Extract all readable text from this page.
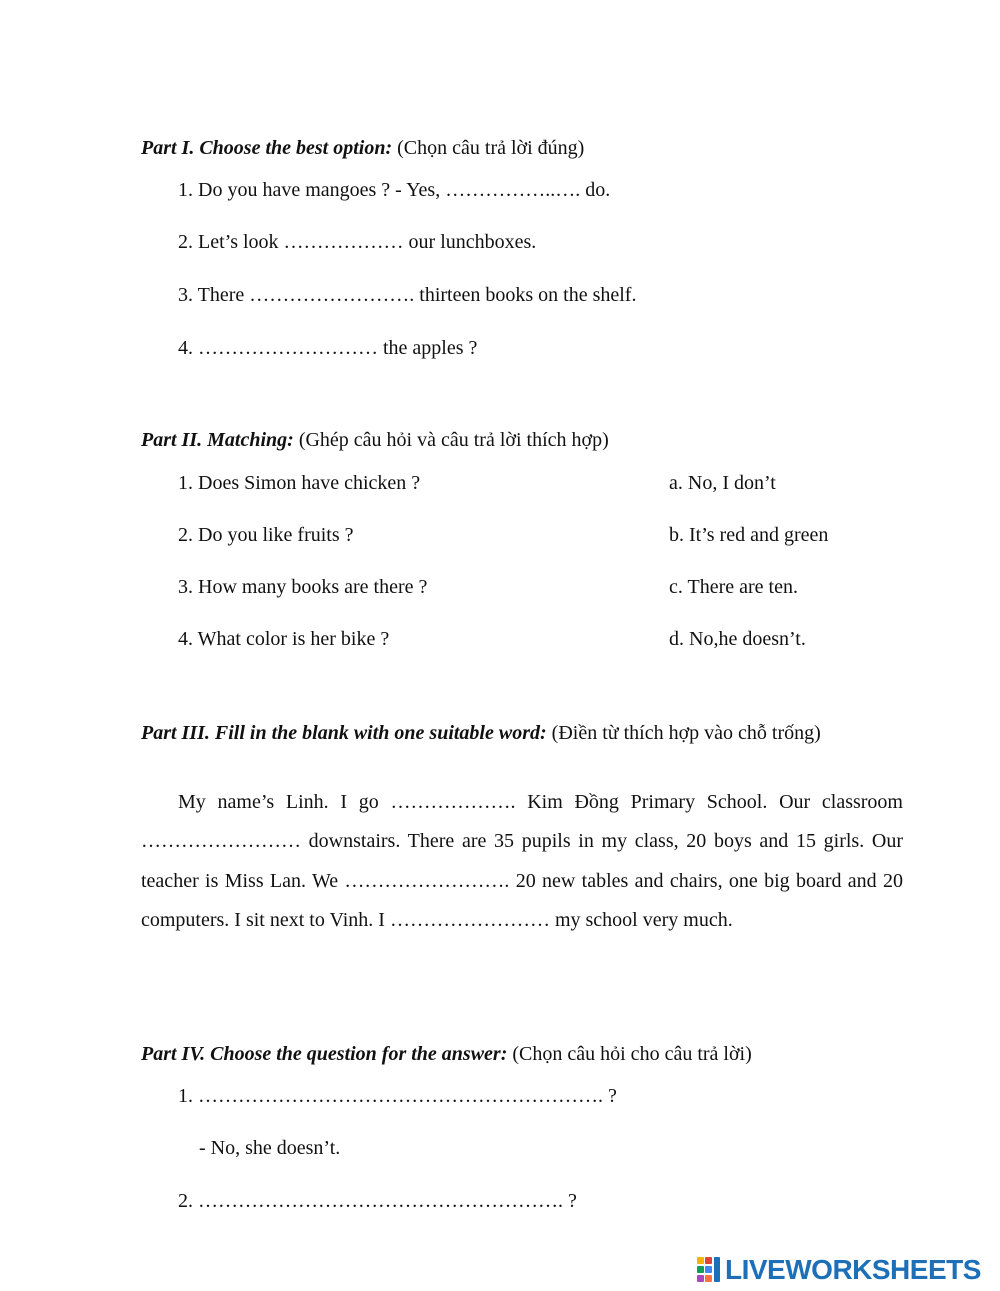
Part I. Choose the best option: (Chọn câu trả lời đúng)
1. Do you have mangoes ? - Yes, ……………..…. do.
2. Let’s look ……………… our lunchboxes.
3. There ……………………. thirteen books on the shelf.
4. ……………………… the apples ?
Part II. Matching: (Ghép câu hỏi và câu trả lời thích hợp)
1. Does Simon have chicken ?
2. Do you like fruits ?
3. How many books are there ?
4. What color is her bike ?
a. No, I don’t
b. It’s red and green
c. There are ten.
d. No,he doesn’t.
Part III. Fill in the blank with one suitable word: (Điền từ thích hợp vào chỗ trống)
My name’s Linh. I go ………………. Kim Đồng Primary School. Our classroom …………………… downstairs. There are 35 pupils in my class, 20 boys and 15 girls. Our teacher is Miss Lan. We ……………………. 20 new tables and chairs, one big board and 20 computers. I sit next to Vinh. I …………………… my school very much.
Part IV. Choose the question for the answer: (Chọn câu hỏi cho câu trả lời)
1. ……………………………………………………. ?
- No, she doesn’t.
2. ………………………………………………. ?
LIVEWORKSHEETS
